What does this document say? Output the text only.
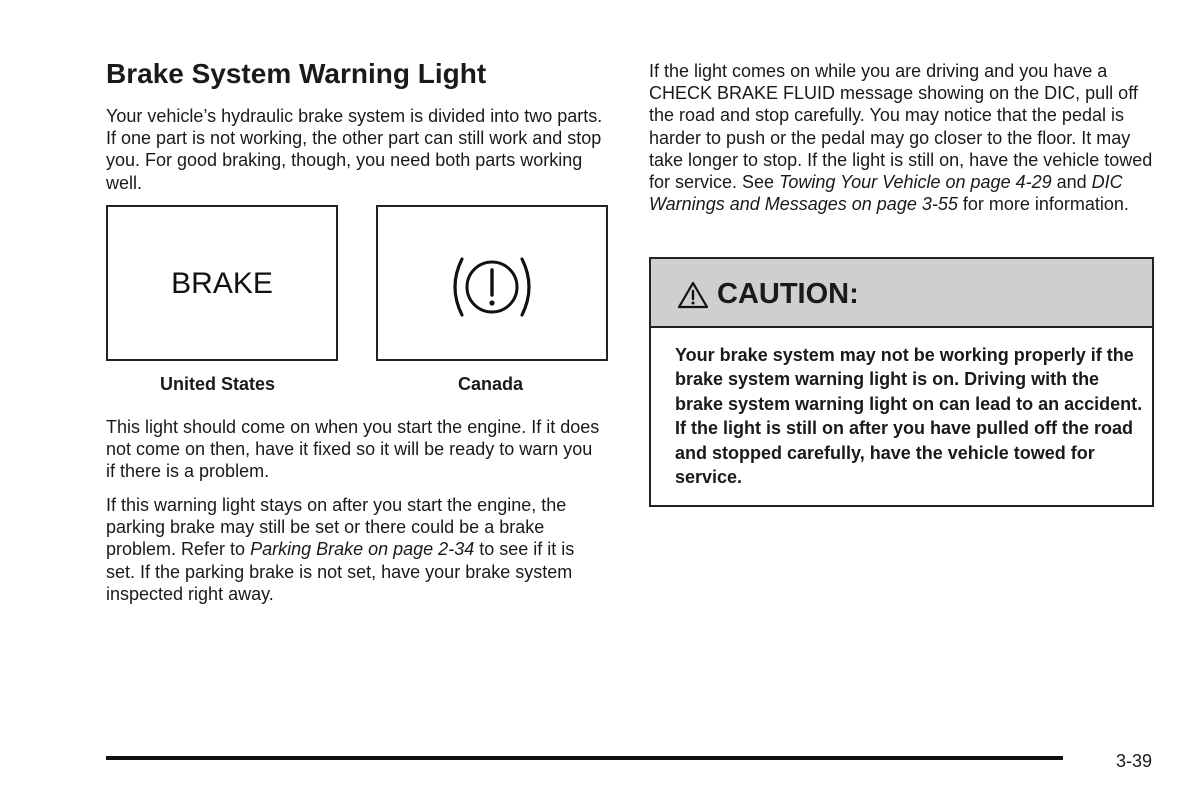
Brake System Warning Light

Your vehicle’s hydraulic brake system is divided into two parts. If one part is not working, the other part can still work and stop you. For good braking, though, you need both parts working well.

BRAKE
United States	Canada

This light should come on when you start the engine. If it does not come on then, have it fixed so it will be ready to warn you if there is a problem.

If this warning light stays on after you start the engine, the parking brake may still be set or there could be a brake problem. Refer to Parking Brake on page 2-34 to see if it is set. If the parking brake is not set, have your brake system inspected right away.

If the light comes on while you are driving and you have a CHECK BRAKE FLUID message showing on the DIC, pull off the road and stop carefully. You may notice that the pedal is harder to push or the pedal may go closer to the floor. It may take longer to stop. If the light is still on, have the vehicle towed for service. See Towing Your Vehicle on page 4-29 and DIC Warnings and Messages on page 3-55 for more information.

CAUTION:

Your brake system may not be working properly if the brake system warning light is on. Driving with the brake system warning light on can lead to an accident. If the light is still on after you have pulled off the road and stopped carefully, have the vehicle towed for service.

3-39
